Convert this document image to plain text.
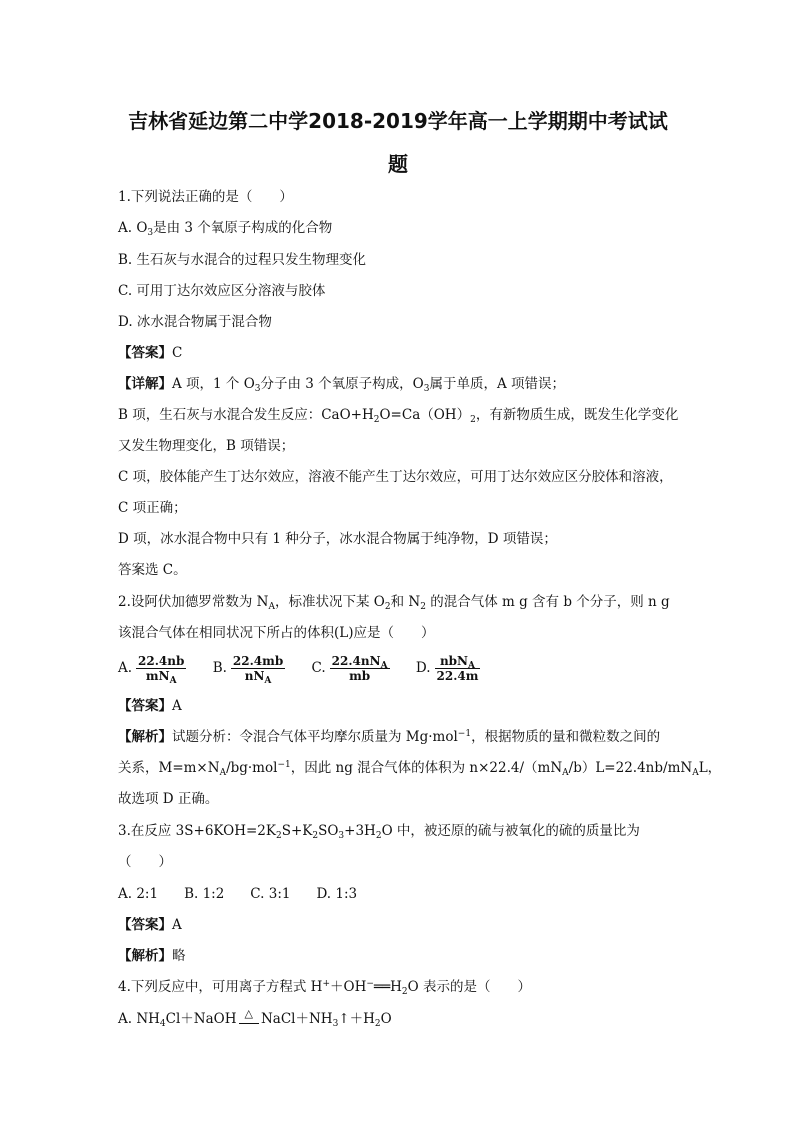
吉林省延边第二中学2018-2019学年高一上学期期中考试试
题
1.下列说法正确的是（　　）
A. $O_3$是由 3 个氧原子构成的化合物
B. 生石灰与水混合的过程只发生物理变化
C. 可用丁达尔效应区分溶液与胶体
D. 冰水混合物属于混合物
【答案】C
【详解】A 项，1 个 $O_3$分子由 3 个氧原子构成，$O_3$属于单质，A 项错误；
B 项，生石灰与水混合发生反应：$CaO+H_2O=Ca(OH)_2$，有新物质生成，既发生化学变化
又发生物理变化，B 项错误；
C 项，胶体能产生丁达尔效应，溶液不能产生丁达尔效应，可用丁达尔效应区分胶体和溶液，
C 项正确；
D 项，冰水混合物中只有 1 种分子，冰水混合物属于纯净物，D 项错误；
答案选 C。
2.设阿伏加德罗常数为 $N_A$，标准状况下某 $O_2$和 $N_2$ 的混合气体 m g 含有 b 个分子，则 n g
该混合气体在相同状况下所占的体积(L)应是（　　）
A. $\frac{22.4nb}{mN_A} B$. $\frac{22.4mb}{nN_A} C$. $\frac{22.4nN_A}{mb} D$. $\frac{nbN_A}{22.4m}$
【答案】A
【解析】试题分析：令混合气体平均摩尔质量为 Mg·mol$^{-1}$，根据物质的量和微粒数之间的
关系，$M=m\times N_A/bg\cdot mol^{-1}$，因此 ng 混合气体的体积为 $n\times 22.4/(mN_A/b)L=22.4nb/mN_AL$，
故选项 D 正确。
3.在反应 $3S+6KOH=2K_2S+K_2SO_3+3H_2O$ 中，被还原的硫与被氧化的硫的质量比为
（　　）
A. 2:1 B. 1:2 C. 3:1 D. 1:3
【答案】A
【解析】略
4.下列反应中，可用离子方程式 $H^++OH^-══H_2O$ 表示的是（　　）
A. $NH_4Cl+NaOH$ △ $NaCl+NH_3↑+H_2O$
